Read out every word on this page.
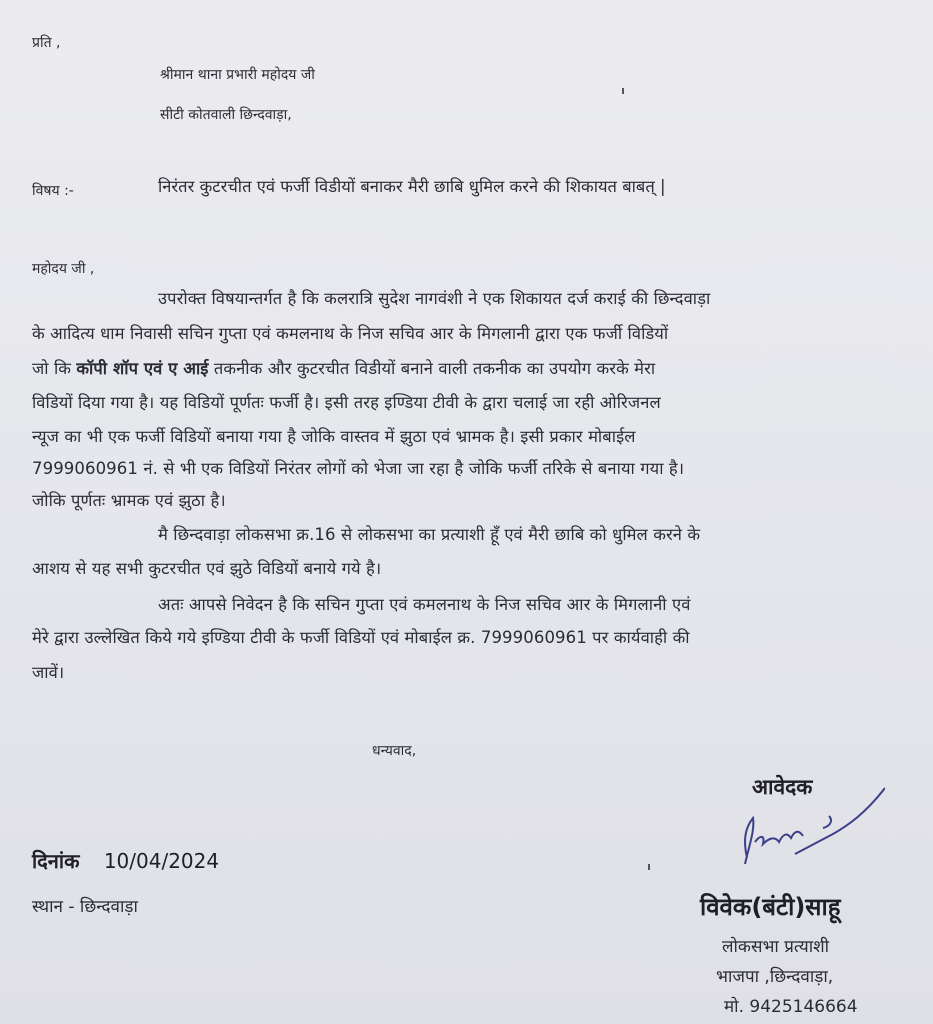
प्रति ,
श्रीमान थाना प्रभारी महोदय जी
सीटी कोतवाली छिन्दवाड़ा,
विषय :-	निरंतर कुटरचीत एवं फर्जी विडीयों बनाकर मैरी छाबि धुमिल करने की शिकायत बाबत् |
महोदय जी ,
उपरोक्त विषयान्तर्गत है कि कलरात्रि सुदेश नागवंशी ने एक शिकायत दर्ज कराई की छिन्दवाड़ा
के आदित्य धाम निवासी सचिन गुप्ता एवं कमलनाथ के निज सचिव आर के मिगलानी द्वारा एक फर्जी विडियों
जो कि कॉपी शॉप एवं ए आई तकनीक और कुटरचीत विडीयों बनाने वाली तकनीक का उपयोग करके मेरा
विडियों दिया गया है। यह विडियों पूर्णतः फर्जी है। इसी तरह इण्डिया टीवी के द्वारा चलाई जा रही ओरिजनल
न्यूज का भी एक फर्जी विडियों बनाया गया है जोकि वास्तव में झुठा एवं भ्रामक है। इसी प्रकार मोबाईल
7999060961 नं. से भी एक विडियों निरंतर लोगों को भेजा जा रहा है जोकि फर्जी तरिके से बनाया गया है।
जोकि पूर्णतः भ्रामक एवं झुठा है।
मै छिन्दवाड़ा लोकसभा क्र.16 से लोकसभा का प्रत्याशी हूँ एवं मैरी छाबि को धुमिल करने के
आशय से यह सभी कुटरचीत एवं झुठे विडियों बनाये गये है।
अतः आपसे निवेदन है कि सचिन गुप्ता एवं कमलनाथ के निज सचिव आर के मिगलानी एवं
मेरे द्वारा उल्लेखित किये गये इण्डिया टीवी के फर्जी विडियों एवं मोबाईल क्र. 7999060961 पर कार्यवाही की
जावें।
धन्यवाद,
आवेदक
दिनांक 10/04/2024
स्थान - छिन्दवाड़ा	विवेक(बंटी)साहू
लोकसभा प्रत्याशी
भाजपा ,छिन्दवाड़ा,
मो. 9425146664
